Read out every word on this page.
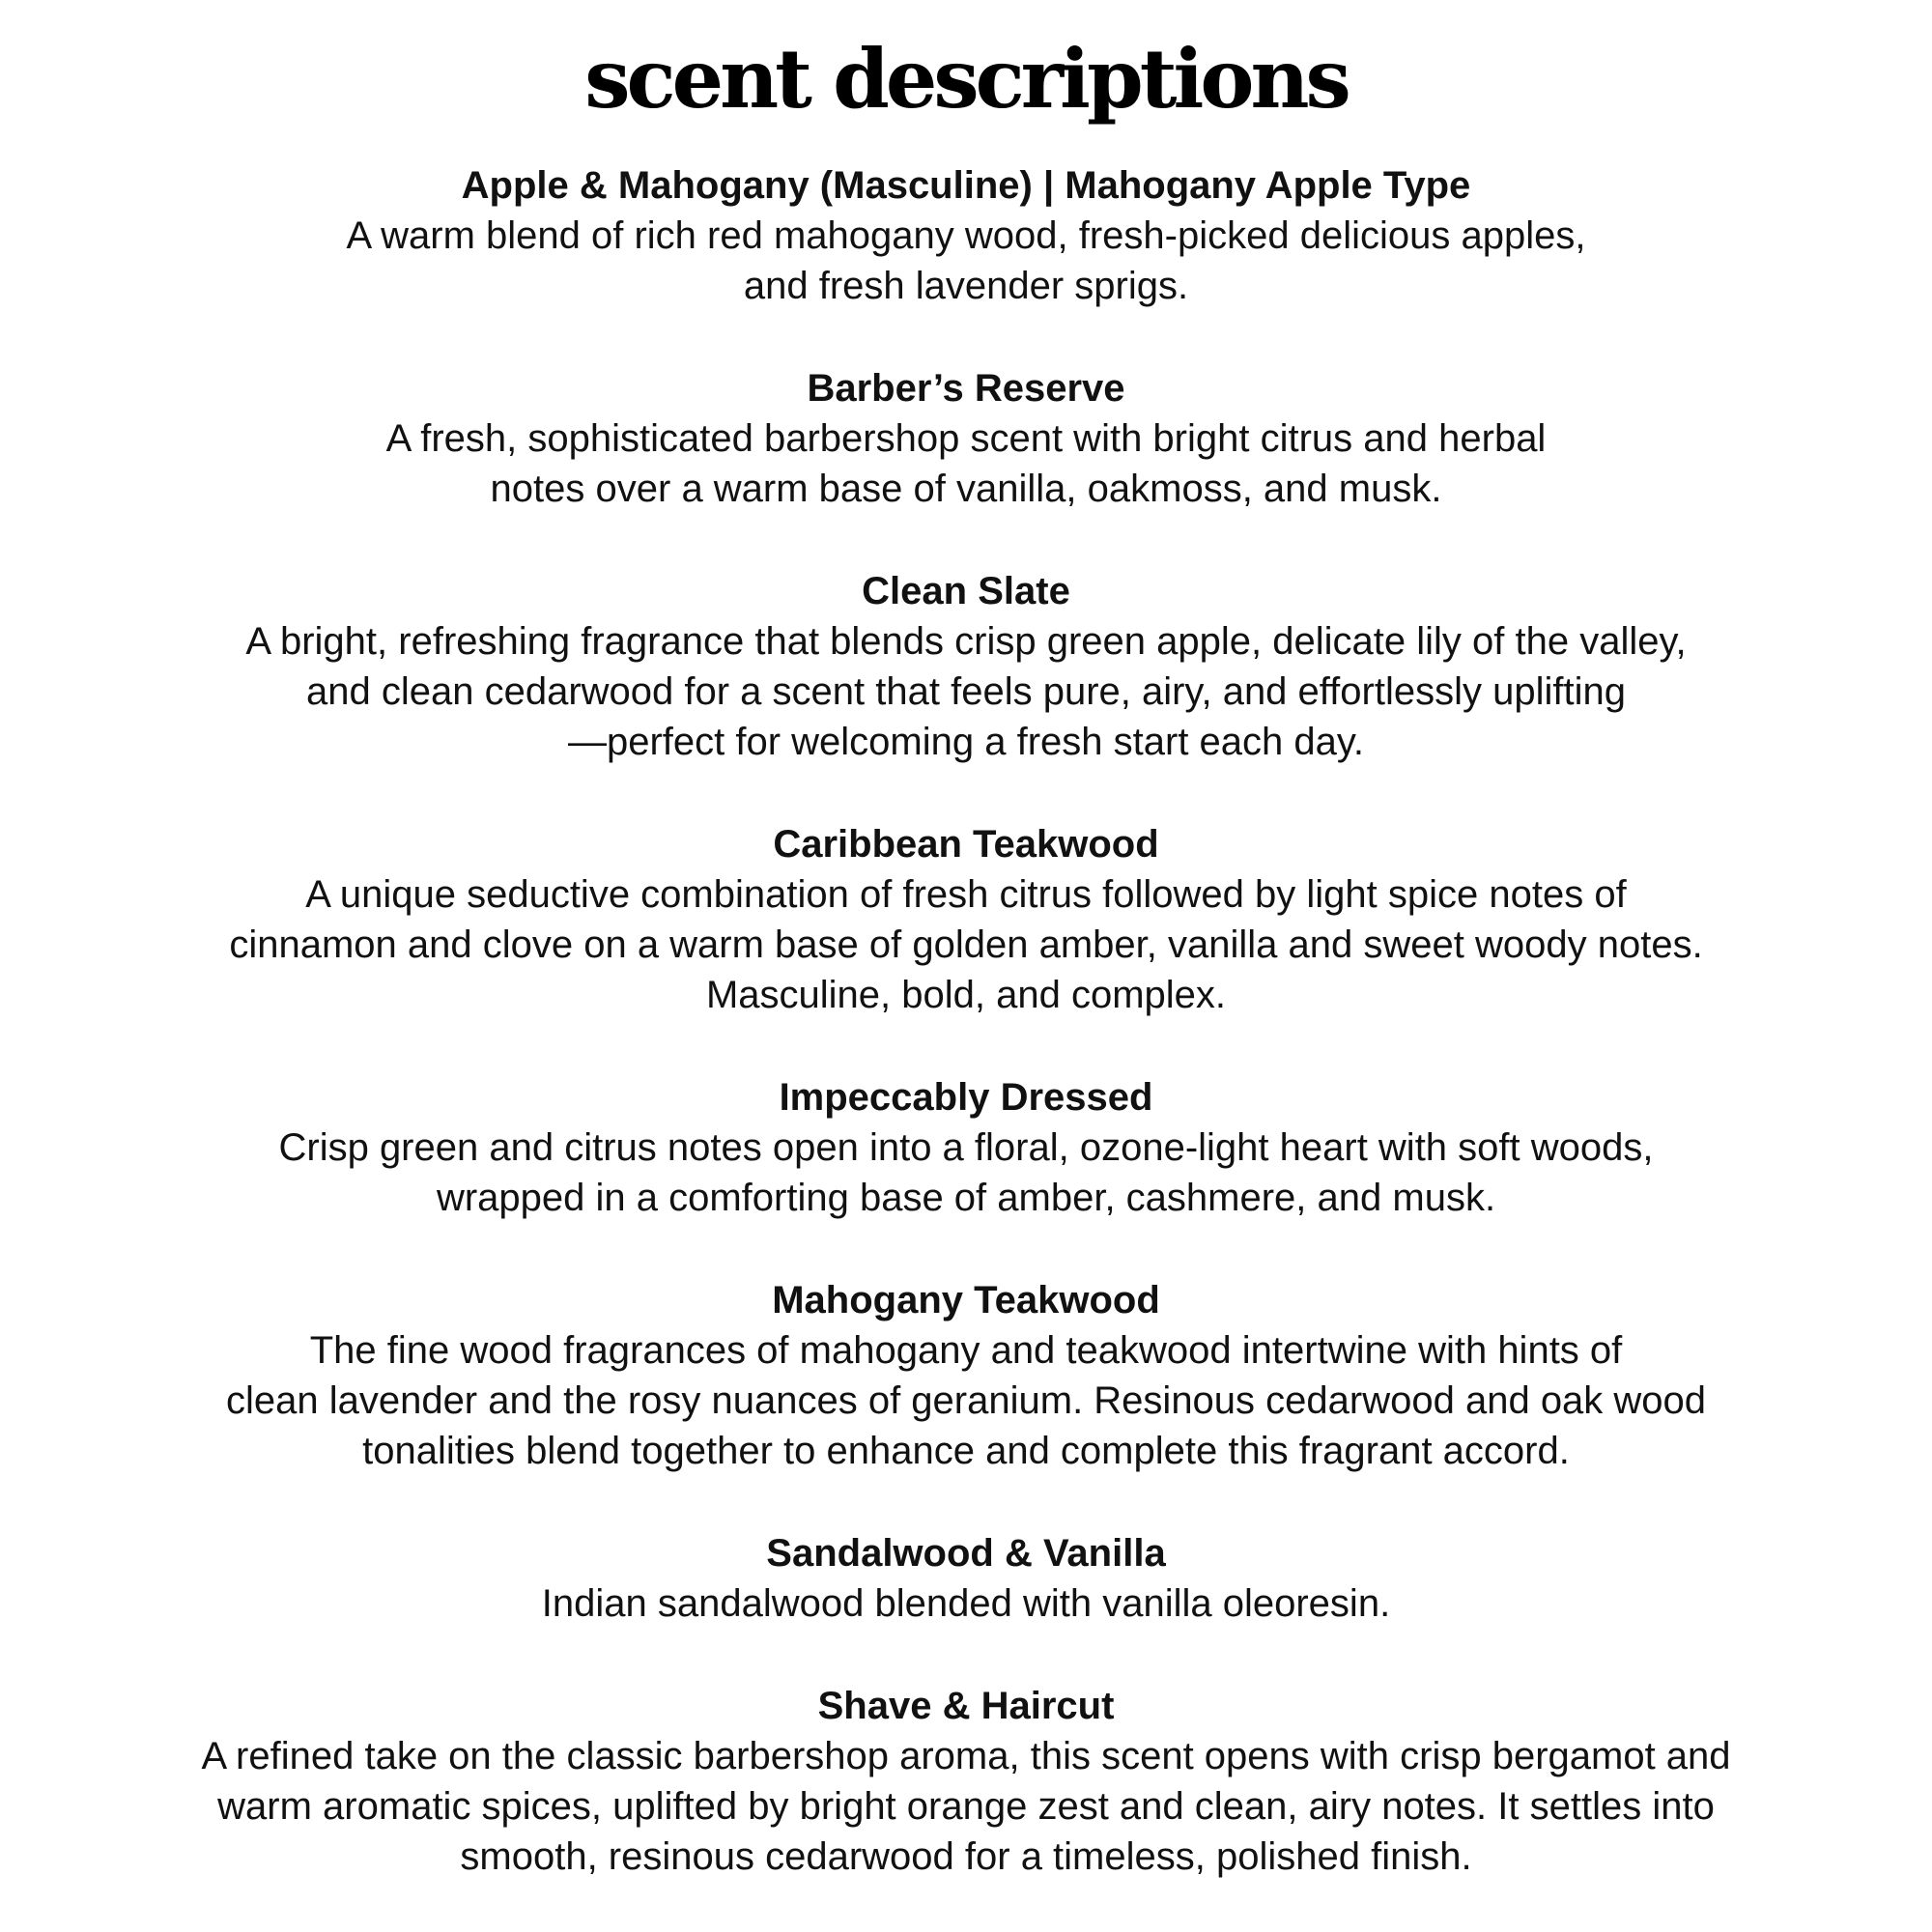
scent descriptions

Apple & Mahogany (Masculine) | Mahogany Apple Type

A warm blend of rich red mahogany wood, fresh-picked delicious apples,

and fresh lavender sprigs.

Barber’s Reserve

A fresh, sophisticated barbershop scent with bright citrus and herbal

notes over a warm base of vanilla, oakmoss, and musk.

Clean Slate

A bright, refreshing fragrance that blends crisp green apple, delicate lily of the valley,

and clean cedarwood for a scent that feels pure, airy, and effortlessly uplifting

—perfect for welcoming a fresh start each day.

Caribbean Teakwood

A unique seductive combination of fresh citrus followed by light spice notes of

cinnamon and clove on a warm base of golden amber, vanilla and sweet woody notes.

Masculine, bold, and complex.

Impeccably Dressed

Crisp green and citrus notes open into a floral, ozone-light heart with soft woods,

wrapped in a comforting base of amber, cashmere, and musk.

Mahogany Teakwood

The fine wood fragrances of mahogany and teakwood intertwine with hints of

clean lavender and the rosy nuances of geranium. Resinous cedarwood and oak wood

tonalities blend together to enhance and complete this fragrant accord.

Sandalwood & Vanilla

Indian sandalwood blended with vanilla oleoresin.

Shave & Haircut

A refined take on the classic barbershop aroma, this scent opens with crisp bergamot and

warm aromatic spices, uplifted by bright orange zest and clean, airy notes. It settles into

smooth, resinous cedarwood for a timeless, polished finish.
